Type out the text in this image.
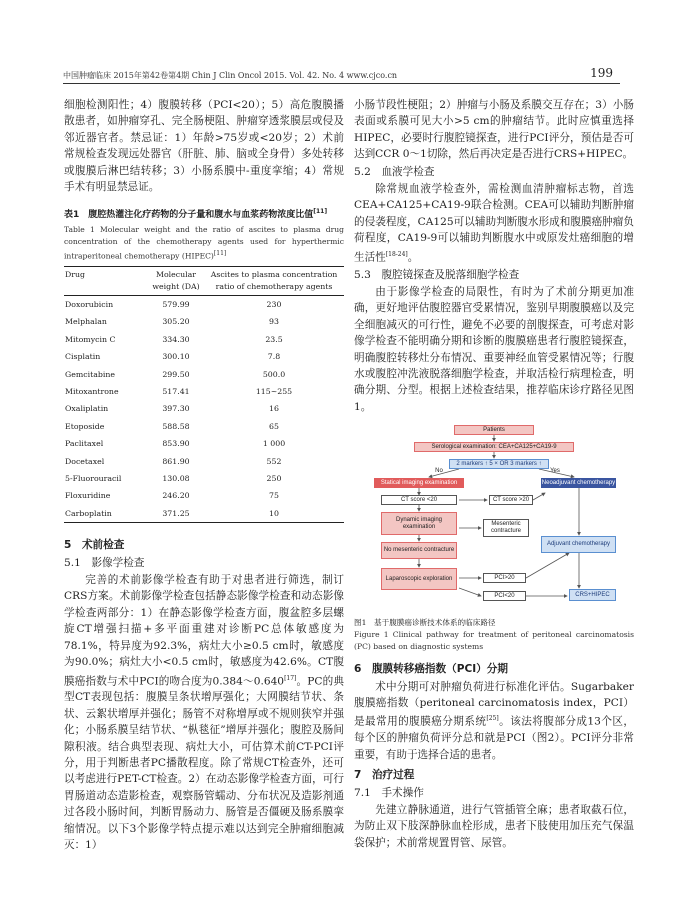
中国肿瘤临床 2015年第42卷第4期 Chin J Clin Oncol 2015. Vol. 42. No. 4 www.cjco.cn	199

细胞检测阳性；4）腹膜转移（PCI<20）；5）高危腹膜播散患者，如肿瘤穿孔、完全肠梗阻、肿瘤穿透浆膜层或侵及邻近器官者。禁忌证：1）年龄>75岁或<20岁；2）术前常规检查发现远处器官（肝脏、肺、脑或全身骨）多处转移或腹膜后淋巴结转移；3）小肠系膜中-重度挛缩；4）常规手术有明显禁忌证。

表1　腹腔热灌注化疗药物的分子量和腹水与血浆药物浓度比值[11]
Table 1 Molecular weight and the ratio of ascites to plasma drug concentration of the chemotherapy agents used for hyperthermic intraperitoneal chemotherapy (HIPEC)[11]
Drug	Molecular weight (DA)	Ascites to plasma concentration ratio of chemotherapy agents
Doxorubicin	579.99	230
Melphalan	305.20	93
Mitomycin C	334.30	23.5
Cisplatin	300.10	7.8
Gemcitabine	299.50	500.0
Mitoxantrone	517.41	115~255
Oxaliplatin	397.30	16
Etoposide	588.58	65
Paclitaxel	853.90	1 000
Docetaxel	861.90	552
5-Fluorouracil	130.08	250
Floxuridine	246.20	75
Carboplatin	371.25	10
5　术前检查
5.1　影像学检查

完善的术前影像学检查有助于对患者进行筛选，制订CRS方案。术前影像学检查包括静态影像学检查和动态影像学检查两部分：1）在静态影像学检查方面，腹盆腔多层螺旋CT增强扫描+多平面重建对诊断PC总体敏感度为78.1%，特异度为92.3%，病灶大小≥0.5 cm时，敏感度为90.0%；病灶大小<0.5 cm时，敏感度为42.6%。CT腹膜癌指数与术中PCI的吻合度为0.384～0.640[17]。PC的典型CT表现包括：腹膜呈条状增厚强化；大网膜结节状、条状、云絮状增厚并强化；肠管不对称增厚或不规则狭窄并强化；小肠系膜呈结节状、“枞毯征”增厚并强化；腹腔及肠间隙积液。结合典型表现、病灶大小，可估算术前CT-PCI评分，用于判断患者PC播散程度。除了常规CT检查外，还可以考虑进行PET-CT检查。2）在动态影像学检查方面，可行胃肠道动态造影检查，观察肠管蠕动、分布状况及造影剂通过各段小肠时间，判断胃肠动力、肠管是否僵硬及肠系膜挛缩情况。以下3个影像学特点提示难以达到完全肿瘤细胞减灭：1）

小肠节段性梗阻；2）肿瘤与小肠及系膜交互存在；3）小肠表面或系膜可见大小>5 cm的肿瘤结节。此时应慎重选择HIPEC，必要时行腹腔镜探查，进行PCI评分，预估是否可达到CCR 0～1切除，然后再决定是否进行CRS+HIPEC。

5.2　血液学检查

除常规血液学检查外，需检测血清肿瘤标志物，首选CEA+CA125+CA19-9联合检测。CEA可以辅助判断肿瘤的侵袭程度，CA125可以辅助判断腹水形成和腹膜癌肿瘤负荷程度，CA19-9可以辅助判断腹水中或原发灶癌细胞的增生活性[18-24]。

5.3　腹腔镜探查及脱落细胞学检查

由于影像学检查的局限性，有时为了术前分期更加准确，更好地评估腹腔器官受累情况，鉴别早期腹膜癌以及完全细胞减灭的可行性，避免不必要的剖腹探查，可考虑对影像学检查不能明确分期和诊断的腹膜癌患者行腹腔镜探查，明确腹腔转移灶分布情况、重要神经血管受累情况等；行腹水或腹腔冲洗液脱落细胞学检查，并取活检行病理检查，明确分期、分型。根据上述检查结果，推荐临床诊疗路径见图1。

Patients
Serological examination: CEA+CA125+CA19-9
2 markers ↑ 5 × OR 3 markers ↑
No	Yes
Statical imaging examination	Neoadjuvant chemotherapy
CT score <20	CT score >20
Dynamic imaging examination	Mesenteric contracture
Adjuvant chemotherapy
No mesenteric contracture
PCI>20
Laparoscopic exploration
PCI<20	CRS+HIPEC
图1　基于腹膜癌诊断技术体系的临床路径
Figure 1 Clinical pathway for treatment of peritoneal carcinomatosis (PC) based on diagnostic systems
6　腹膜转移癌指数（PCI）分期

术中分期可对肿瘤负荷进行标准化评估。Sugarbaker腹膜癌指数（peritoneal carcinomatosis index，PCI）是最常用的腹膜癌分期系统[25]。该法将腹部分成13个区，每个区的肿瘤负荷评分总和就是PCI（图2）。PCI评分非常重要，有助于选择合适的患者。

7　治疗过程
7.1　手术操作

先建立静脉通道，进行气管插管全麻；患者取截石位，为防止双下肢深静脉血栓形成，患者下肢使用加压充气保温袋保护；术前常规置胃管、尿管。
